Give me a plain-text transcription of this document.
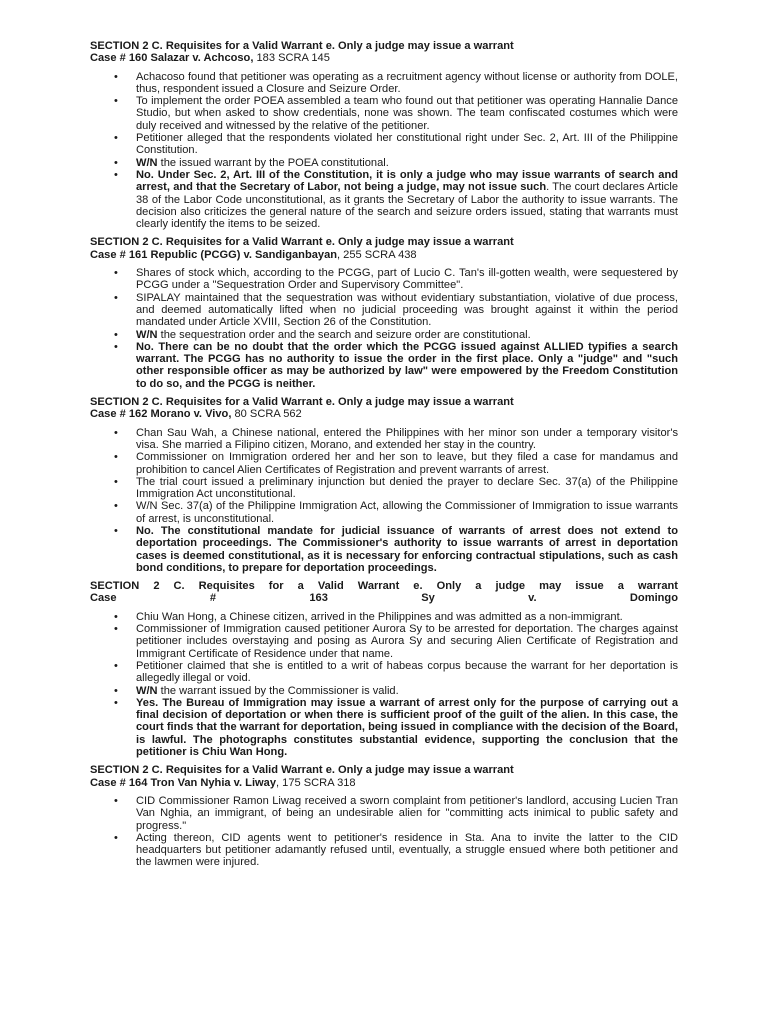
SECTION 2 C. Requisites for a Valid Warrant e. Only a judge may issue a warrant
Case # 160 Salazar v. Achcoso, 183 SCRA 145
• Achacoso found that petitioner was operating as a recruitment agency without license or authority from DOLE, thus, respondent issued a Closure and Seizure Order.
• To implement the order POEA assembled a team who found out that petitioner was operating Hannalie Dance Studio, but when asked to show credentials, none was shown. The team confiscated costumes which were duly received and witnessed by the relative of the petitioner.
• Petitioner alleged that the respondents violated her constitutional right under Sec. 2, Art. III of the Philippine Constitution.
• W/N the issued warrant by the POEA constitutional.
• No. Under Sec. 2, Art. III of the Constitution, it is only a judge who may issue warrants of search and arrest, and that the Secretary of Labor, not being a judge, may not issue such. The court declares Article 38 of the Labor Code unconstitutional, as it grants the Secretary of Labor the authority to issue warrants. The decision also criticizes the general nature of the search and seizure orders issued, stating that warrants must clearly identify the items to be seized.
SECTION 2 C. Requisites for a Valid Warrant e. Only a judge may issue a warrant
Case # 161 Republic (PCGG) v. Sandiganbayan, 255 SCRA 438
• Shares of stock which, according to the PCGG, part of Lucio C. Tan's ill-gotten wealth, were sequestered by PCGG under a "Sequestration Order and Supervisory Committee".
• SIPALAY maintained that the sequestration was without evidentiary substantiation, violative of due process, and deemed automatically lifted when no judicial proceeding was brought against it within the period mandated under Article XVIII, Section 26 of the Constitution.
• W/N the sequestration order and the search and seizure order are constitutional.
• No. There can be no doubt that the order which the PCGG issued against ALLIED typifies a search warrant. The PCGG has no authority to issue the order in the first place. Only a "judge" and "such other responsible officer as may be authorized by law" were empowered by the Freedom Constitution to do so, and the PCGG is neither.
SECTION 2 C. Requisites for a Valid Warrant e. Only a judge may issue a warrant
Case # 162 Morano v. Vivo, 80 SCRA 562
• Chan Sau Wah, a Chinese national, entered the Philippines with her minor son under a temporary visitor's visa. She married a Filipino citizen, Morano, and extended her stay in the country.
• Commissioner on Immigration ordered her and her son to leave, but they filed a case for mandamus and prohibition to cancel Alien Certificates of Registration and prevent warrants of arrest.
• The trial court issued a preliminary injunction but denied the prayer to declare Sec. 37(a) of the Philippine Immigration Act unconstitutional.
• W/N Sec. 37(a) of the Philippine Immigration Act, allowing the Commissioner of Immigration to issue warrants of arrest, is unconstitutional.
• No. The constitutional mandate for judicial issuance of warrants of arrest does not extend to deportation proceedings. The Commissioner's authority to issue warrants of arrest in deportation cases is deemed constitutional, as it is necessary for enforcing contractual stipulations, such as cash bond conditions, to prepare for deportation proceedings.
SECTION 2 C. Requisites for a Valid Warrant e. Only a judge may issue a warrant
Case # 163 Sy v. Domingo
• Chiu Wan Hong, a Chinese citizen, arrived in the Philippines and was admitted as a non-immigrant.
• Commissioner of Immigration caused petitioner Aurora Sy to be arrested for deportation. The charges against petitioner includes overstaying and posing as Aurora Sy and securing Alien Certificate of Registration and Immigrant Certificate of Residence under that name.
• Petitioner claimed that she is entitled to a writ of habeas corpus because the warrant for her deportation is allegedly illegal or void.
• W/N the warrant issued by the Commissioner is valid.
• Yes. The Bureau of Immigration may issue a warrant of arrest only for the purpose of carrying out a final decision of deportation or when there is sufficient proof of the guilt of the alien. In this case, the court finds that the warrant for deportation, being issued in compliance with the decision of the Board, is lawful. The photographs constitutes substantial evidence, supporting the conclusion that the petitioner is Chiu Wan Hong.
SECTION 2 C. Requisites for a Valid Warrant e. Only a judge may issue a warrant
Case # 164 Tron Van Nyhia v. Liway, 175 SCRA 318
• CID Commissioner Ramon Liwag received a sworn complaint from petitioner's landlord, accusing Lucien Tran Van Nghia, an immigrant, of being an undesirable alien for "committing acts inimical to public safety and progress."
• Acting thereon, CID agents went to petitioner's residence in Sta. Ana to invite the latter to the CID headquarters but petitioner adamantly refused until, eventually, a struggle ensued where both petitioner and the lawmen were injured.
